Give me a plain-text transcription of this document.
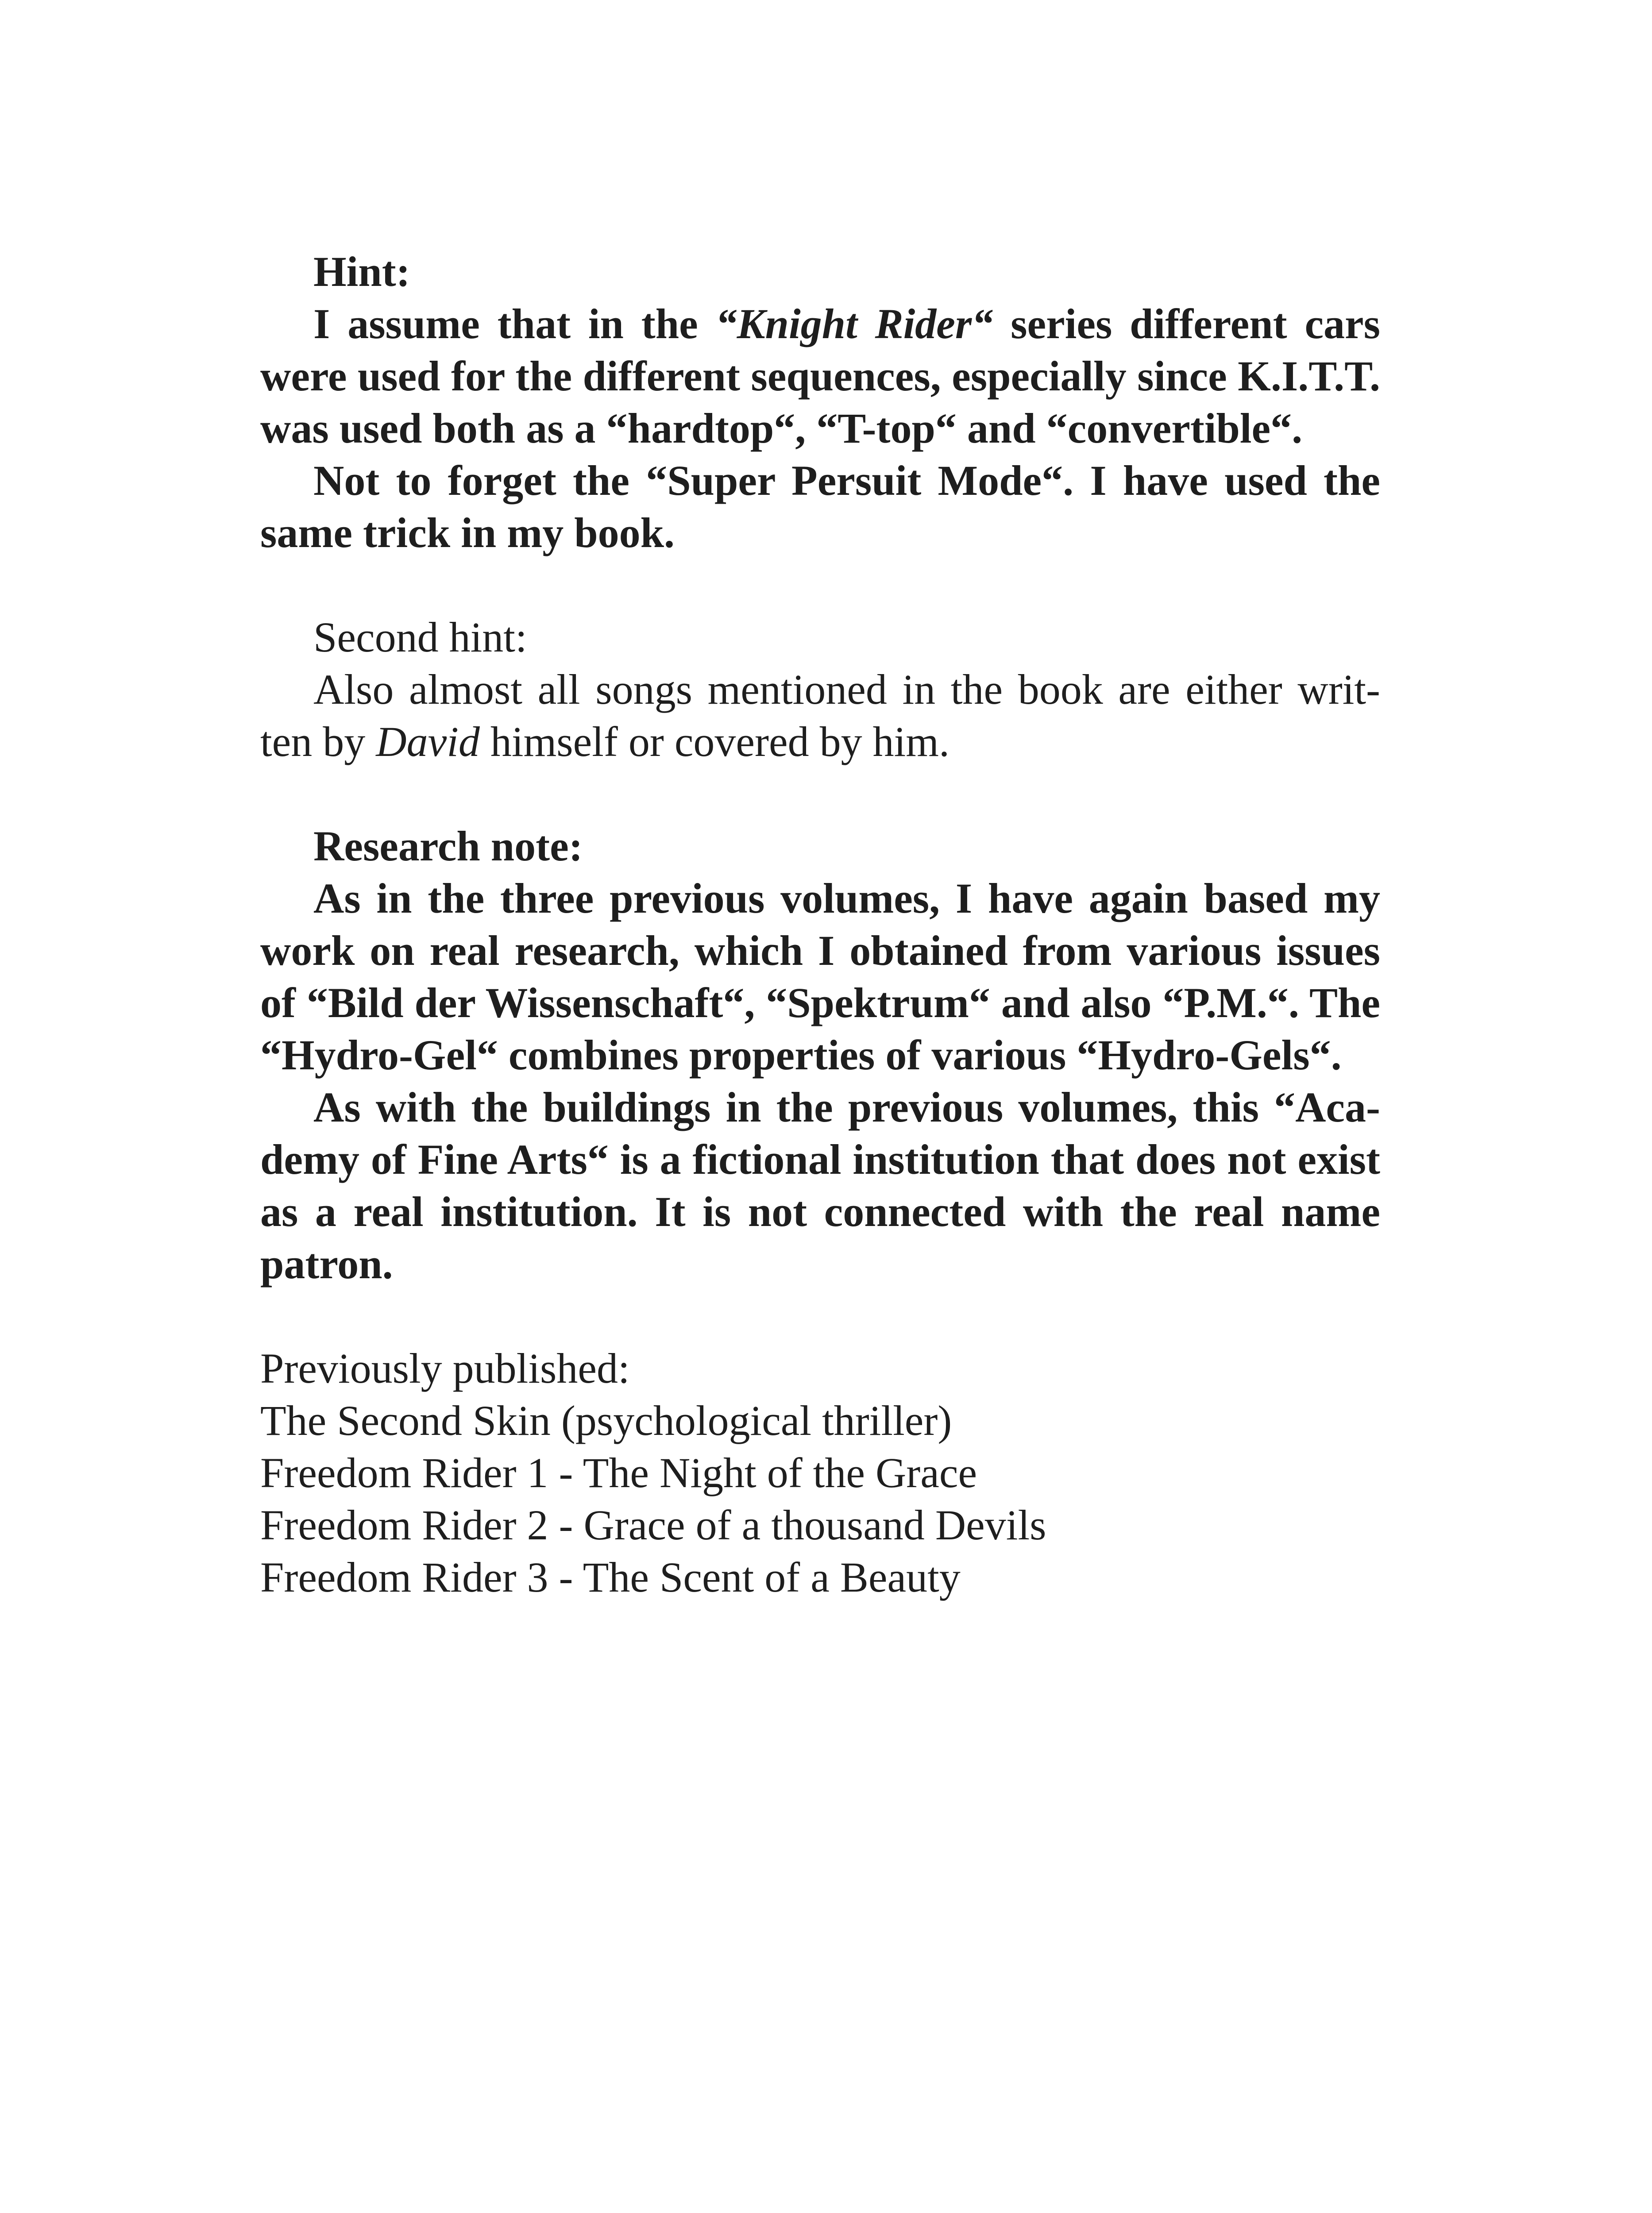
Hint:

I assume that in the “Knight Rider“ series different cars were used for the different sequences, especially since K.I.T.T. was used both as a “hardtop“, “T-top“ and “convertible“.

Not to forget the “Super Persuit Mode“. I have used the same trick in my book.

Second hint:

Also almost all songs mentioned in the book are either writ-ten by David himself or covered by him.

Research note:

As in the three previous volumes, I have again based my work on real research, which I obtained from various issues of “Bild der Wissenschaft“, “Spektrum“ and also “P.M.“. The “Hydro-Gel“ combines properties of various “Hydro-Gels“.

As with the buildings in the previous volumes, this “Aca-demy of Fine Arts“ is a fictional institution that does not exist as a real institution. It is not connected with the real name patron.

Previously published:

The Second Skin (psychological thriller)

Freedom Rider 1 - The Night of the Grace

Freedom Rider 2 - Grace of a thousand Devils

Freedom Rider 3 - The Scent of a Beauty
